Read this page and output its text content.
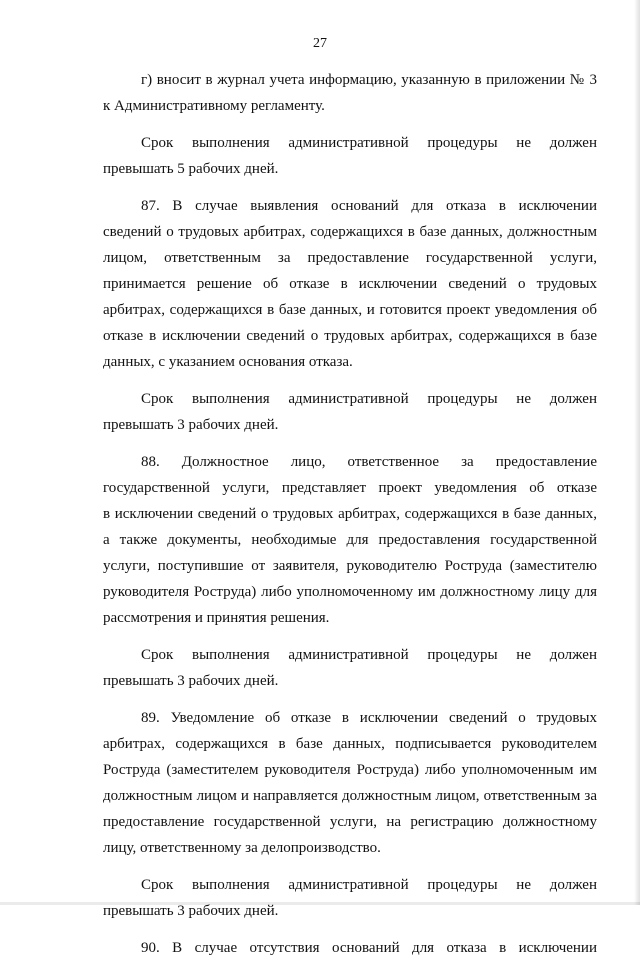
27

г) вносит в журнал учета информацию, указанную в приложении № 3
к Административному регламенту.

Срок выполнения административной процедуры не должен
превышать 5 рабочих дней.

87. В случае выявления оснований для отказа в исключении
сведений о трудовых арбитрах, содержащихся в базе данных, должностным
лицом, ответственным за предоставление государственной услуги,
принимается решение об отказе в исключении сведений о трудовых
арбитрах, содержащихся в базе данных, и готовится проект уведомления об
отказе в исключении сведений о трудовых арбитрах, содержащихся в базе
данных, с указанием основания отказа.

Срок выполнения административной процедуры не должен
превышать 3 рабочих дней.

88. Должностное лицо, ответственное за предоставление
государственной услуги, представляет проект уведомления об отказе
в исключении сведений о трудовых арбитрах, содержащихся в базе данных,
а также документы, необходимые для предоставления государственной
услуги, поступившие от заявителя, руководителю Роструда (заместителю
руководителя Роструда) либо уполномоченному им должностному лицу для
рассмотрения и принятия решения.

Срок выполнения административной процедуры не должен
превышать 3 рабочих дней.

89. Уведомление об отказе в исключении сведений о трудовых
арбитрах, содержащихся в базе данных, подписывается руководителем
Роструда (заместителем руководителя Роструда) либо уполномоченным им
должностным лицом и направляется должностным лицом, ответственным за
предоставление государственной услуги, на регистрацию должностному
лицу, ответственному за делопроизводство.

Срок выполнения административной процедуры не должен
превышать 3 рабочих дней.

90. В случае отсутствия оснований для отказа в исключении
